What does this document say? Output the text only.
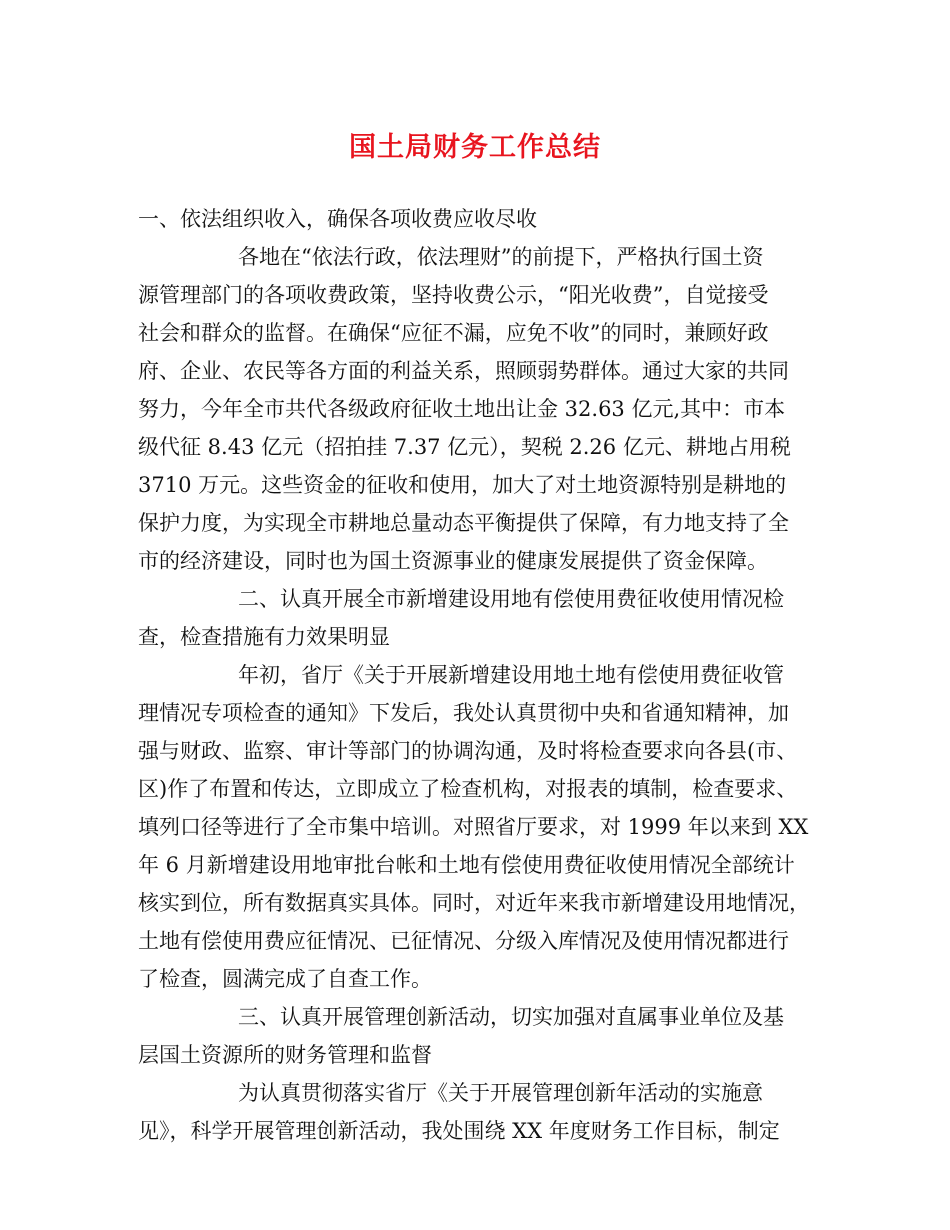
国土局财务工作总结
一、依法组织收入，确保各项收费应收尽收
各地在“依法行政，依法理财”的前提下，严格执行国土资
源管理部门的各项收费政策，坚持收费公示，“阳光收费”，自觉接受
社会和群众的监督。在确保“应征不漏，应免不收”的同时，兼顾好政
府、企业、农民等各方面的利益关系，照顾弱势群体。通过大家的共同
努力，今年全市共代各级政府征收土地出让金 32.63 亿元,其中：市本
级代征 8.43 亿元（招拍挂 7.37 亿元），契税 2.26 亿元、耕地占用税
3710 万元。这些资金的征收和使用，加大了对土地资源特别是耕地的
保护力度，为实现全市耕地总量动态平衡提供了保障，有力地支持了全
市的经济建设，同时也为国土资源事业的健康发展提供了资金保障。
二、认真开展全市新增建设用地有偿使用费征收使用情况检
查，检查措施有力效果明显
年初，省厅《关于开展新增建设用地土地有偿使用费征收管
理情况专项检查的通知》下发后，我处认真贯彻中央和省通知精神，加
强与财政、监察、审计等部门的协调沟通，及时将检查要求向各县(市、
区)作了布置和传达，立即成立了检查机构，对报表的填制，检查要求、
填列口径等进行了全市集中培训。对照省厅要求，对 1999 年以来到 XX
年 6 月新增建设用地审批台帐和土地有偿使用费征收使用情况全部统计
核实到位，所有数据真实具体。同时，对近年来我市新增建设用地情况，
土地有偿使用费应征情况、已征情况、分级入库情况及使用情况都进行
了检查，圆满完成了自查工作。
三、认真开展管理创新活动，切实加强对直属事业单位及基
层国土资源所的财务管理和监督
为认真贯彻落实省厅《关于开展管理创新年活动的实施意
见》，科学开展管理创新活动，我处围绕 XX 年度财务工作目标，制定
